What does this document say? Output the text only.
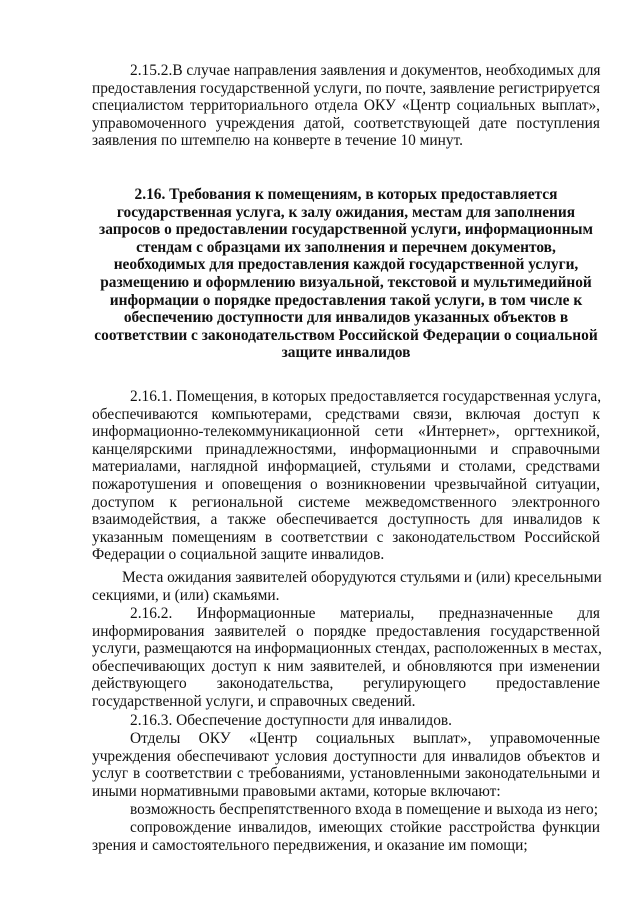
2.15.2.В случае направления заявления и документов, необходимых для
предоставления государственной услуги, по почте, заявление регистрируется
специалистом территориального отдела ОКУ «Центр социальных выплат»,
управомоченного учреждения датой, соответствующей дате поступления
заявления по штемпелю на конверте в течение 10 минут.
2.16. Требования к помещениям, в которых предоставляется
государственная услуга, к залу ожидания, местам для заполнения
запросов о предоставлении государственной услуги, информационным
стендам с образцами их заполнения и перечнем документов,
необходимых для предоставления каждой государственной услуги,
размещению и оформлению визуальной, текстовой и мультимедийной
информации о порядке предоставления такой услуги, в том числе к
обеспечению доступности для инвалидов указанных объектов в
соответствии с законодательством Российской Федерации о социальной
защите инвалидов
2.16.1. Помещения, в которых предоставляется государственная услуга,
обеспечиваются компьютерами, средствами связи, включая доступ к
информационно-телекоммуникационной сети «Интернет», оргтехникой,
канцелярскими принадлежностями, информационными и справочными
материалами, наглядной информацией, стульями и столами, средствами
пожаротушения и оповещения о возникновении чрезвычайной ситуации,
доступом к региональной системе межведомственного электронного
взаимодействия, а также обеспечивается доступность для инвалидов к
указанным помещениям в соответствии с законодательством Российской
Федерации о социальной защите инвалидов.
Места ожидания заявителей оборудуются стульями и (или) кресельными
секциями, и (или) скамьями.
2.16.2. Информационные материалы, предназначенные для
информирования заявителей о порядке предоставления государственной
услуги, размещаются на информационных стендах, расположенных в местах,
обеспечивающих доступ к ним заявителей, и обновляются при изменении
действующего законодательства, регулирующего предоставление
государственной услуги, и справочных сведений.
2.16.3. Обеспечение доступности для инвалидов.
Отделы ОКУ «Центр социальных выплат», управомоченные
учреждения обеспечивают условия доступности для инвалидов объектов и
услуг в соответствии с требованиями, установленными законодательными и
иными нормативными правовыми актами, которые включают:
возможность беспрепятственного входа в помещение и выхода из него;
сопровождение инвалидов, имеющих стойкие расстройства функции
зрения и самостоятельного передвижения, и оказание им помощи;
